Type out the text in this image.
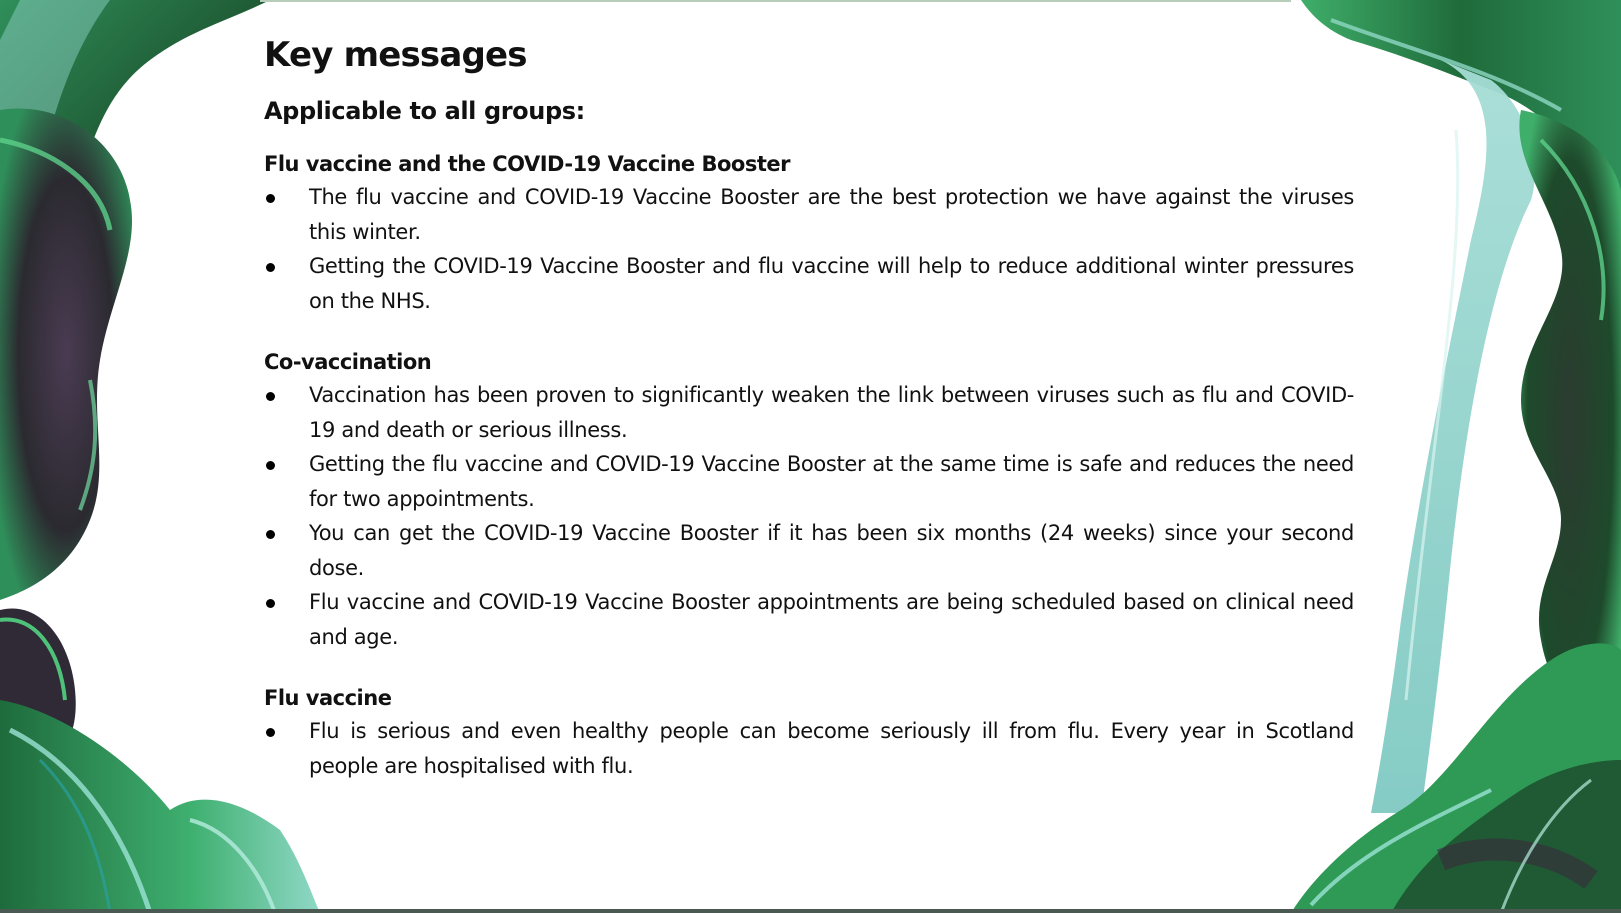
Key messages
Applicable to all groups:
Flu vaccine and the COVID-19 Vaccine Booster
The flu vaccine and COVID-19 Vaccine Booster are the best protection we have against the viruses this winter.
Getting the COVID-19 Vaccine Booster and flu vaccine will help to reduce additional winter pressures on the NHS.
Co-vaccination
Vaccination has been proven to significantly weaken the link between viruses such as flu and COVID-19 and death or serious illness.
Getting the flu vaccine and COVID-19 Vaccine Booster at the same time is safe and reduces the need for two appointments.
You can get the COVID-19 Vaccine Booster if it has been six months (24 weeks) since your second dose.
Flu vaccine and COVID-19 Vaccine Booster appointments are being scheduled based on clinical need and age.
Flu vaccine
Flu is serious and even healthy people can become seriously ill from flu. Every year in Scotland people are hospitalised with flu.
